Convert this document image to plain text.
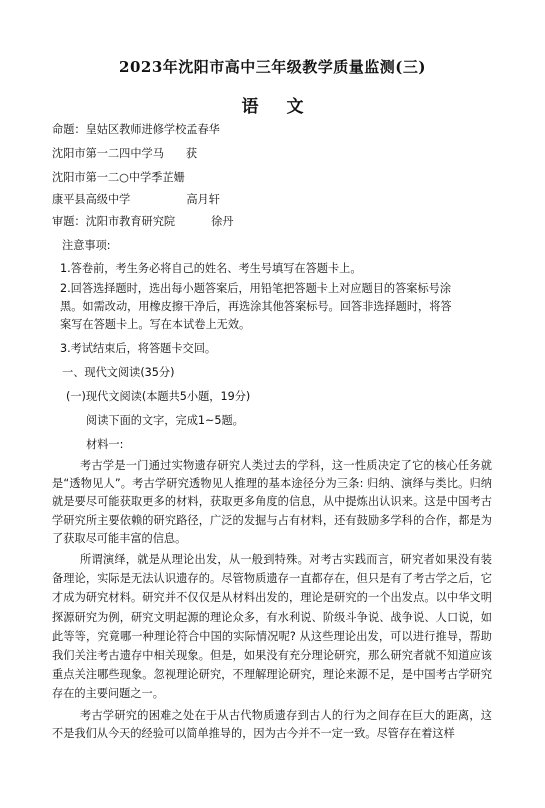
2023年沈阳市高中三年级教学质量监测(三)
语文
命题：皇姑区教师进修学校孟春华
沈阳市第一二四中学马 获
沈阳市第一二○中学季芷姗
康平县高级中学	高月轩
审题：沈阳市教育研究院	徐丹
注意事项:
1.答卷前，考生务必将自己的姓名、考生号填写在答题卡上。
2.回答选择题时，选出每小题答案后，用铅笔把答题卡上对应题目的答案标号涂
黑。如需改动，用橡皮擦干净后，再选涂其他答案标号。回答非选择题时，将答
案写在答题卡上。写在本试卷上无效。
3.考试结束后，将答题卡交回。
一、现代文阅读(35分)
(一)现代文阅读(本题共5小题，19分)
阅读下面的文字，完成1~5题。
材料一:
考古学是一门通过实物遗存研究人类过去的学科，这一性质决定了它的核心任务就是“透物见人”。考古学研究透物见人推理的基本途径分为三条: 归纳、演绎与类比。归纳就是要尽可能获取更多的材料，获取更多角度的信息，从中提炼出认识来。这是中国考古学研究所主要依赖的研究路径，广泛的发掘与占有材料，还有鼓励多学科的合作，都是为了获取尽可能丰富的信息。
所谓演绎，就是从理论出发，从一般到特殊。对考古实践而言，研究者如果没有装备理论，实际是无法认识遗存的。尽管物质遗存一直都存在，但只是有了考古学之后，它才成为研究材料。研究并不仅仅是从材料出发的，理论是研究的一个出发点。以中华文明探源研究为例，研究文明起源的理论众多，有水利说、阶级斗争说、战争说、人口说，如此等等，究竟哪一种理论符合中国的实际情况呢? 从这些理论出发，可以进行推导，帮助我们关注考古遗存中相关现象。但是，如果没有充分理论研究，那么研究者就不知道应该重点关注哪些现象。忽视理论研究，不理解理论研究，理论来源不足，是中国考古学研究存在的主要问题之一。
考古学研究的困难之处在于从古代物质遗存到古人的行为之间存在巨大的距离，这不是我们从今天的经验可以简单推导的，因为古今并不一定一致。尽管存在着这样
